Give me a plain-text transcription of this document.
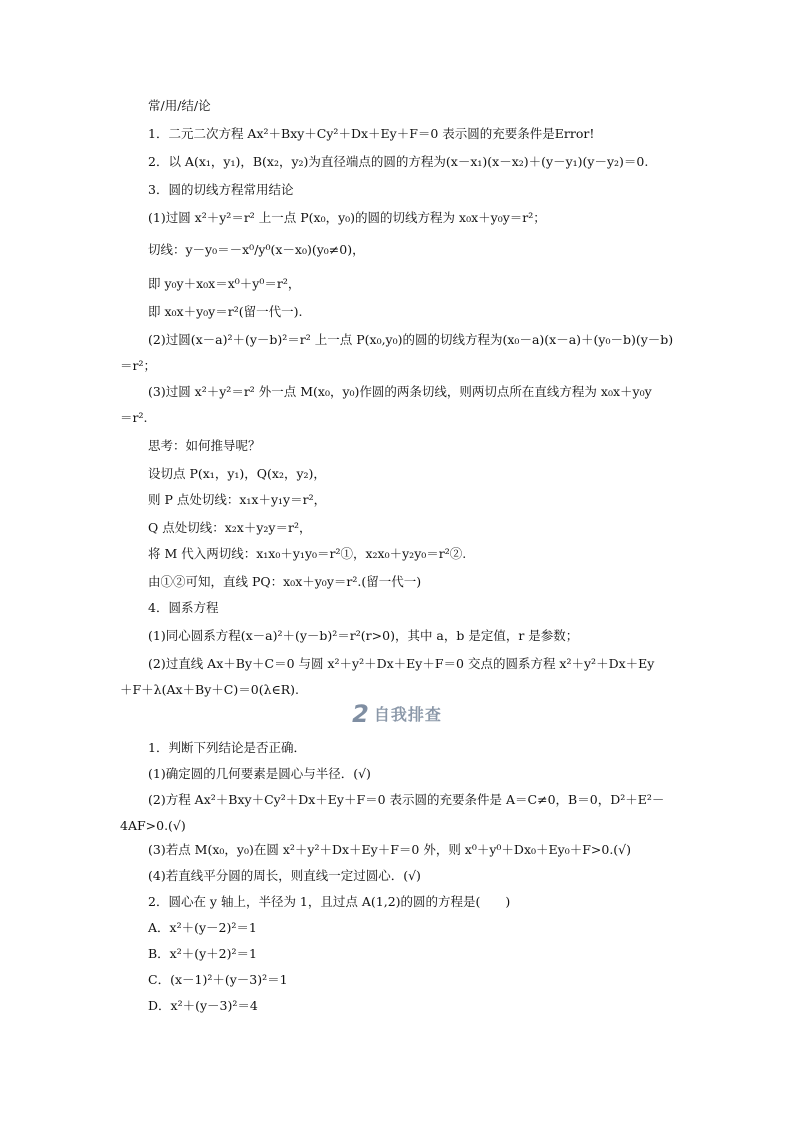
常/用/结/论
1．二元二次方程 Ax²＋Bxy＋Cy²＋Dx＋Ey＋F＝0 表示圆的充要条件是Error!
2．以 A(x₁，y₁)，B(x₂，y₂)为直径端点的圆的方程为(x－x₁)(x－x₂)＋(y－y₁)(y－y₂)＝0.
3．圆的切线方程常用结论
(1)过圆 x²＋y²＝r² 上一点 P(x₀，y₀)的圆的切线方程为 x₀x＋y₀y＝r²；
切线：y－y₀＝－x⁰/y⁰(x－x₀)(y₀≠0)，
即 y₀y＋x₀x＝x⁰＋y⁰＝r²，
即 x₀x＋y₀y＝r²(留一代一).
(2)过圆(x－a)²＋(y－b)²＝r² 上一点 P(x₀,y₀)的圆的切线方程为(x₀－a)(x－a)＋(y₀－b)(y－b)
＝r²；
(3)过圆 x²＋y²＝r² 外一点 M(x₀，y₀)作圆的两条切线，则两切点所在直线方程为 x₀x＋y₀y
＝r².
思考：如何推导呢？
设切点 P(x₁，y₁)，Q(x₂，y₂)，
则 P 点处切线：x₁x＋y₁y＝r²，
Q 点处切线：x₂x＋y₂y＝r²，
将 M 代入两切线：x₁x₀＋y₁y₀＝r²①，x₂x₀＋y₂y₀＝r²②.
由①②可知，直线 PQ：x₀x＋y₀y＝r².(留一代一)
4．圆系方程
(1)同心圆系方程(x－a)²＋(y－b)²＝r²(r>0)，其中 a，b 是定值，r 是参数；
(2)过直线 Ax＋By＋C＝0 与圆 x²＋y²＋Dx＋Ey＋F＝0 交点的圆系方程 x²＋y²＋Dx＋Ey
＋F＋λ(Ax＋By＋C)＝0(λ∈R).
2 自我排查
1．判断下列结论是否正确．
(1)确定圆的几何要素是圆心与半径．(√)
(2)方程 Ax²＋Bxy＋Cy²＋Dx＋Ey＋F＝0 表示圆的充要条件是 A＝C≠0，B＝0，D²＋E²－
4AF>0.(√)
(3)若点 M(x₀，y₀)在圆 x²＋y²＋Dx＋Ey＋F＝0 外，则 x⁰＋y⁰＋Dx₀＋Ey₀＋F>0.(√)
(4)若直线平分圆的周长，则直线一定过圆心．(√)
2．圆心在 y 轴上，半径为 1，且过点 A(1,2)的圆的方程是(　　)
A．x²＋(y－2)²＝1
B．x²＋(y＋2)²＝1
C．(x－1)²＋(y－3)²＝1
D．x²＋(y－3)²＝4
